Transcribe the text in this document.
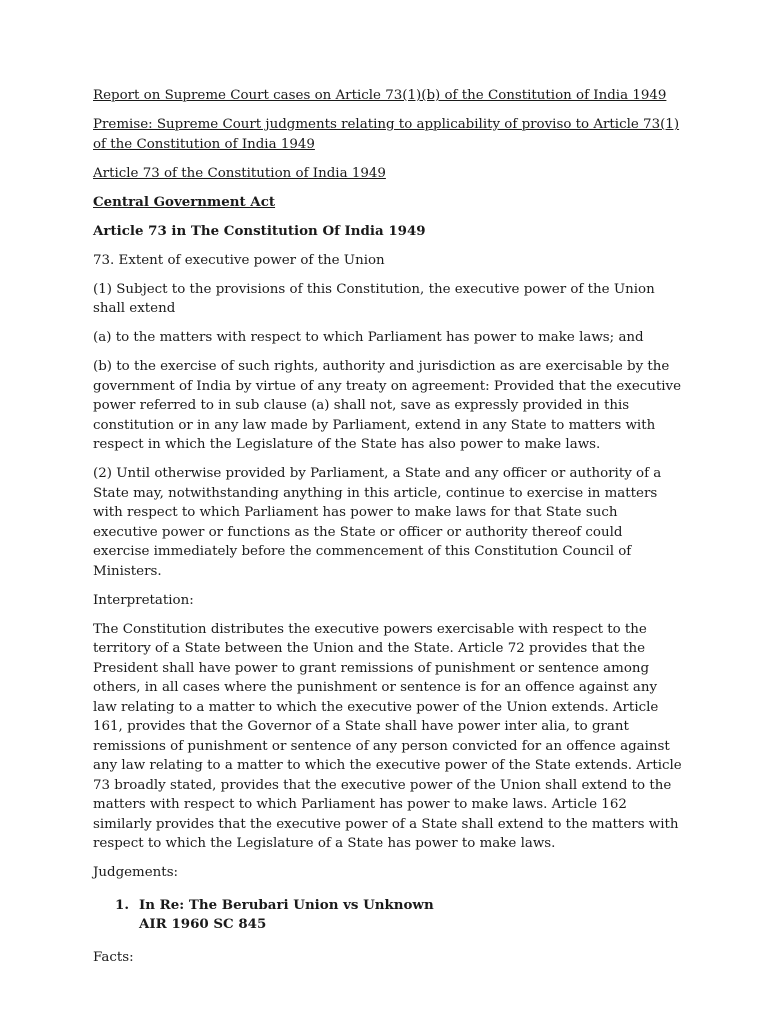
Report on Supreme Court cases on Article 73(1)(b) of the Constitution of India 1949

Premise: Supreme Court judgments relating to applicability of proviso to Article 73(1) of the Constitution of India 1949

Article 73 of the Constitution of India 1949

Central Government Act

Article 73 in The Constitution Of India 1949

73. Extent of executive power of the Union

(1) Subject to the provisions of this Constitution, the executive power of the Union shall extend

(a) to the matters with respect to which Parliament has power to make laws; and

(b) to the exercise of such rights, authority and jurisdiction as are exercisable by the government of India by virtue of any treaty on agreement: Provided that the executive power referred to in sub clause (a) shall not, save as expressly provided in this constitution or in any law made by Parliament, extend in any State to matters with respect in which the Legislature of the State has also power to make laws.

(2) Until otherwise provided by Parliament, a State and any officer or authority of a State may, notwithstanding anything in this article, continue to exercise in matters with respect to which Parliament has power to make laws for that State such executive power or functions as the State or officer or authority thereof could exercise immediately before the commencement of this Constitution Council of Ministers.

Interpretation:

The Constitution distributes the executive powers exercisable with respect to the territory of a State between the Union and the State. Article 72 provides that the President shall have power to grant remissions of punishment or sentence among others, in all cases where the punishment or sentence is for an offence against any law relating to a matter to which the executive power of the Union extends. Article 161, provides that the Governor of a State shall have power inter alia, to grant remissions of punishment or sentence of any person convicted for an offence against any law relating to a matter to which the executive power of the State extends. Article 73 broadly stated, provides that the executive power of the Union shall extend to the matters with respect to which Parliament has power to make laws. Article 162 similarly provides that the executive power of a State shall extend to the matters with respect to which the Legislature of a State has power to make laws.

Judgements:

1. In Re: The Berubari Union vs Unknown
AIR 1960 SC 845

Facts:
